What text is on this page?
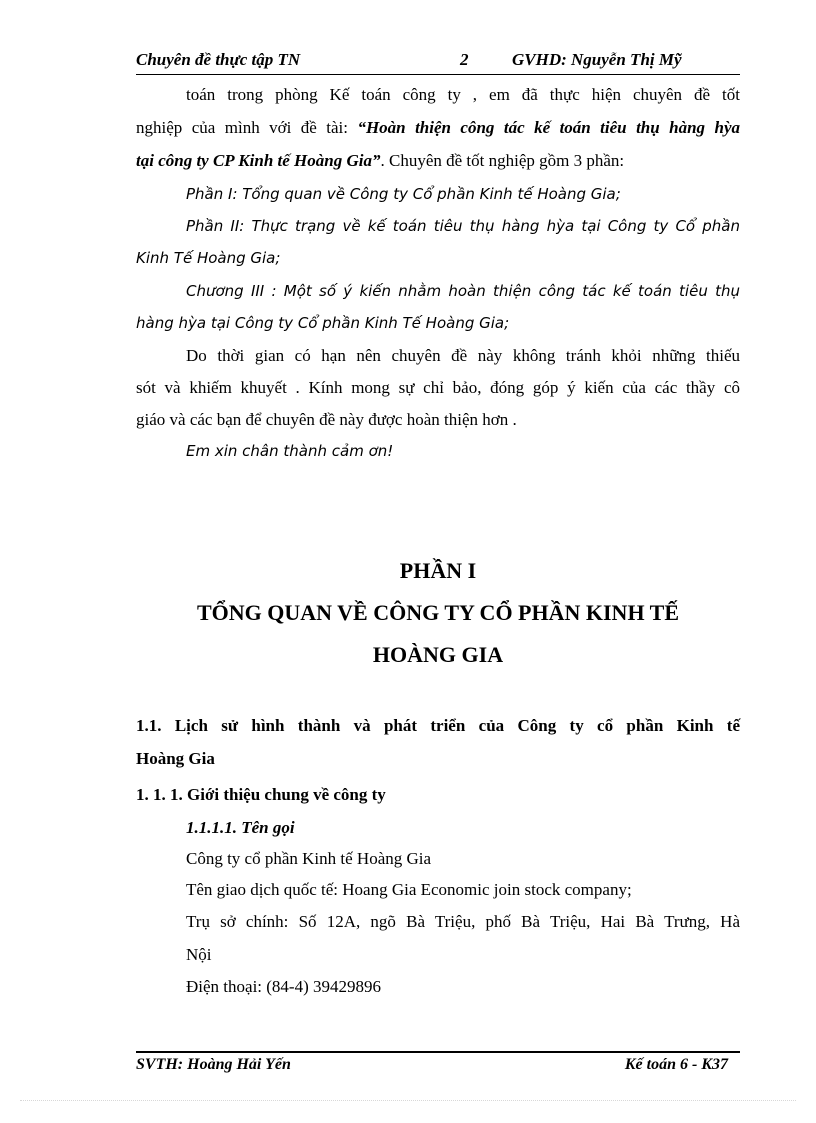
Chuyên đề thực tập TN	2	GVHD: Nguyễn Thị Mỹ
toán trong phòng Kế toán công ty , em đã thực hiện chuyên đề tốt
nghiệp của mình với đề tài: “Hoàn thiện công tác kế toán tiêu thụ hàng hỳa
tại công ty CP Kinh tế Hoàng Gia”. Chuyên đề tốt nghiệp gồm 3 phần:
Phần I: Tổng quan về Công ty Cổ phần Kinh tế Hoàng Gia;
Phần II: Thực trạng về kế toán tiêu thụ hàng hỳa tại Công ty Cổ phần
Kinh Tế Hoàng Gia;
Chương III : Một số ý kiến nhằm hoàn thiện công tác kế toán tiêu thụ
hàng hỳa tại Công ty Cổ phần Kinh Tế Hoàng Gia;
Do thời gian có hạn nên chuyên đề này không tránh khỏi những thiếu
sót và khiếm khuyết . Kính mong sự chỉ bảo, đóng góp ý kiến của các thầy cô
giáo và các bạn để chuyên đề này được hoàn thiện hơn .
Em xin chân thành cảm ơn!
PHẦN I
TỔNG QUAN VỀ CÔNG TY CỔ PHẦN KINH TẾ
HOÀNG GIA
1.1. Lịch sử hình thành và phát triển của Công ty cổ phần Kinh tế
Hoàng Gia
1. 1. 1. Giới thiệu chung về công ty
1.1.1.1. Tên gọi
Công ty cổ phần Kinh tế Hoàng Gia
Tên giao dịch quốc tế: Hoang Gia Economic join stock company;
Trụ sở chính: Số 12A, ngõ Bà Triệu, phố Bà Triệu, Hai Bà Trưng, Hà
Nội
Điện thoại: (84-4) 39429896
SVTH: Hoàng Hải Yến	Kế toán 6 - K37
